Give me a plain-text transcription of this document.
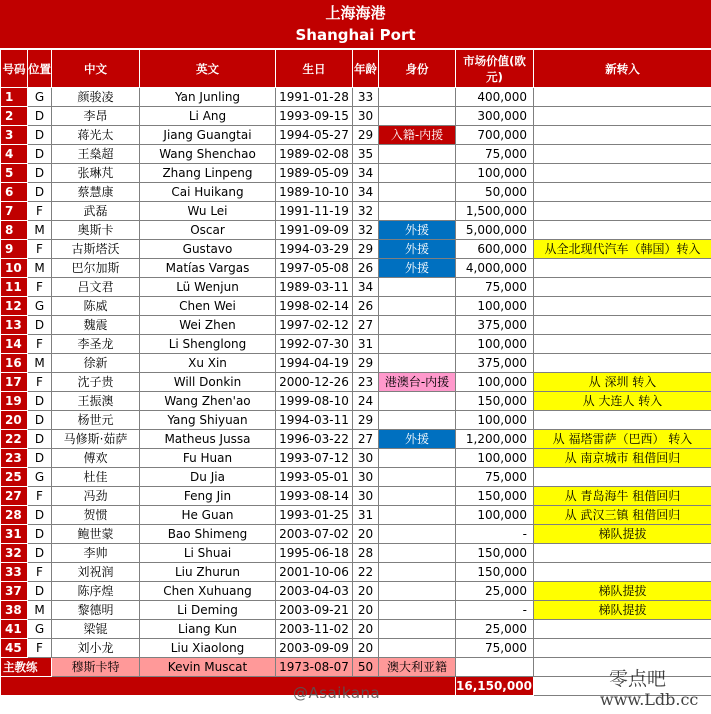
上海海港
Shanghai Port
号码	位置	中文	英文	生日	年龄	身份	市场价值(欧元)	新转入
1	G	颜骏凌	Yan Junling	1991-01-28	33		400,000	
2	D	李昂	Li Ang	1993-09-15	30		300,000	
3	D	蒋光太	Jiang Guangtai	1994-05-27	29	入籍-内援	700,000	
4	D	王燊超	Wang Shenchao	1989-02-08	35		75,000	
5	D	张琳芃	Zhang Linpeng	1989-05-09	34		100,000	
6	D	蔡慧康	Cai Huikang	1989-10-10	34		50,000	
7	F	武磊	Wu Lei	1991-11-19	32		1,500,000	
8	M	奥斯卡	Oscar	1991-09-09	32	外援	5,000,000	
9	F	古斯塔沃	Gustavo	1994-03-29	29	外援	600,000	从全北现代汽车（韩国）转入
10	M	巴尔加斯	Matías Vargas	1997-05-08	26	外援	4,000,000	
11	F	吕文君	Lü Wenjun	1989-03-11	34		75,000	
12	G	陈威	Chen Wei	1998-02-14	26		100,000	
13	D	魏震	Wei Zhen	1997-02-12	27		375,000	
14	F	李圣龙	Li Shenglong	1992-07-30	31		100,000	
16	M	徐新	Xu Xin	1994-04-19	29		375,000	
17	F	沈子贵	Will Donkin	2000-12-26	23	港澳台-内援	100,000	从 深圳 转入
19	D	王振澳	Wang Zhen'ao	1999-08-10	24		150,000	从 大连人 转入
20	D	杨世元	Yang Shiyuan	1994-03-11	29		100,000	
22	D	马修斯·茹萨	Matheus Jussa	1996-03-22	27	外援	1,200,000	从 福塔雷萨（巴西） 转入
23	D	傅欢	Fu Huan	1993-07-12	30		100,000	从 南京城市 租借回归
25	G	杜佳	Du Jia	1993-05-01	30		75,000	
27	F	冯劲	Feng Jin	1993-08-14	30		150,000	从 青岛海牛 租借回归
28	D	贺惯	He Guan	1993-01-25	31		100,000	从 武汉三镇 租借回归
31	D	鲍世蒙	Bao Shimeng	2003-07-02	20		-	梯队提拔
32	D	李帅	Li Shuai	1995-06-18	28		150,000	
33	F	刘祝润	Liu Zhurun	2001-10-06	22		150,000	
37	D	陈序煌	Chen Xuhuang	2003-04-03	20		25,000	梯队提拔
38	M	黎德明	Li Deming	2003-09-21	20		-	梯队提拔
41	G	梁锟	Liang Kun	2003-11-02	20		25,000	
45	F	刘小龙	Liu Xiaolong	2003-09-09	20		75,000	
主教练		穆斯卡特	Kevin Muscat	1973-08-07	50	澳大利亚籍		
							16,150,000	
@Asaikana
零点吧
www.Ldb.cc
